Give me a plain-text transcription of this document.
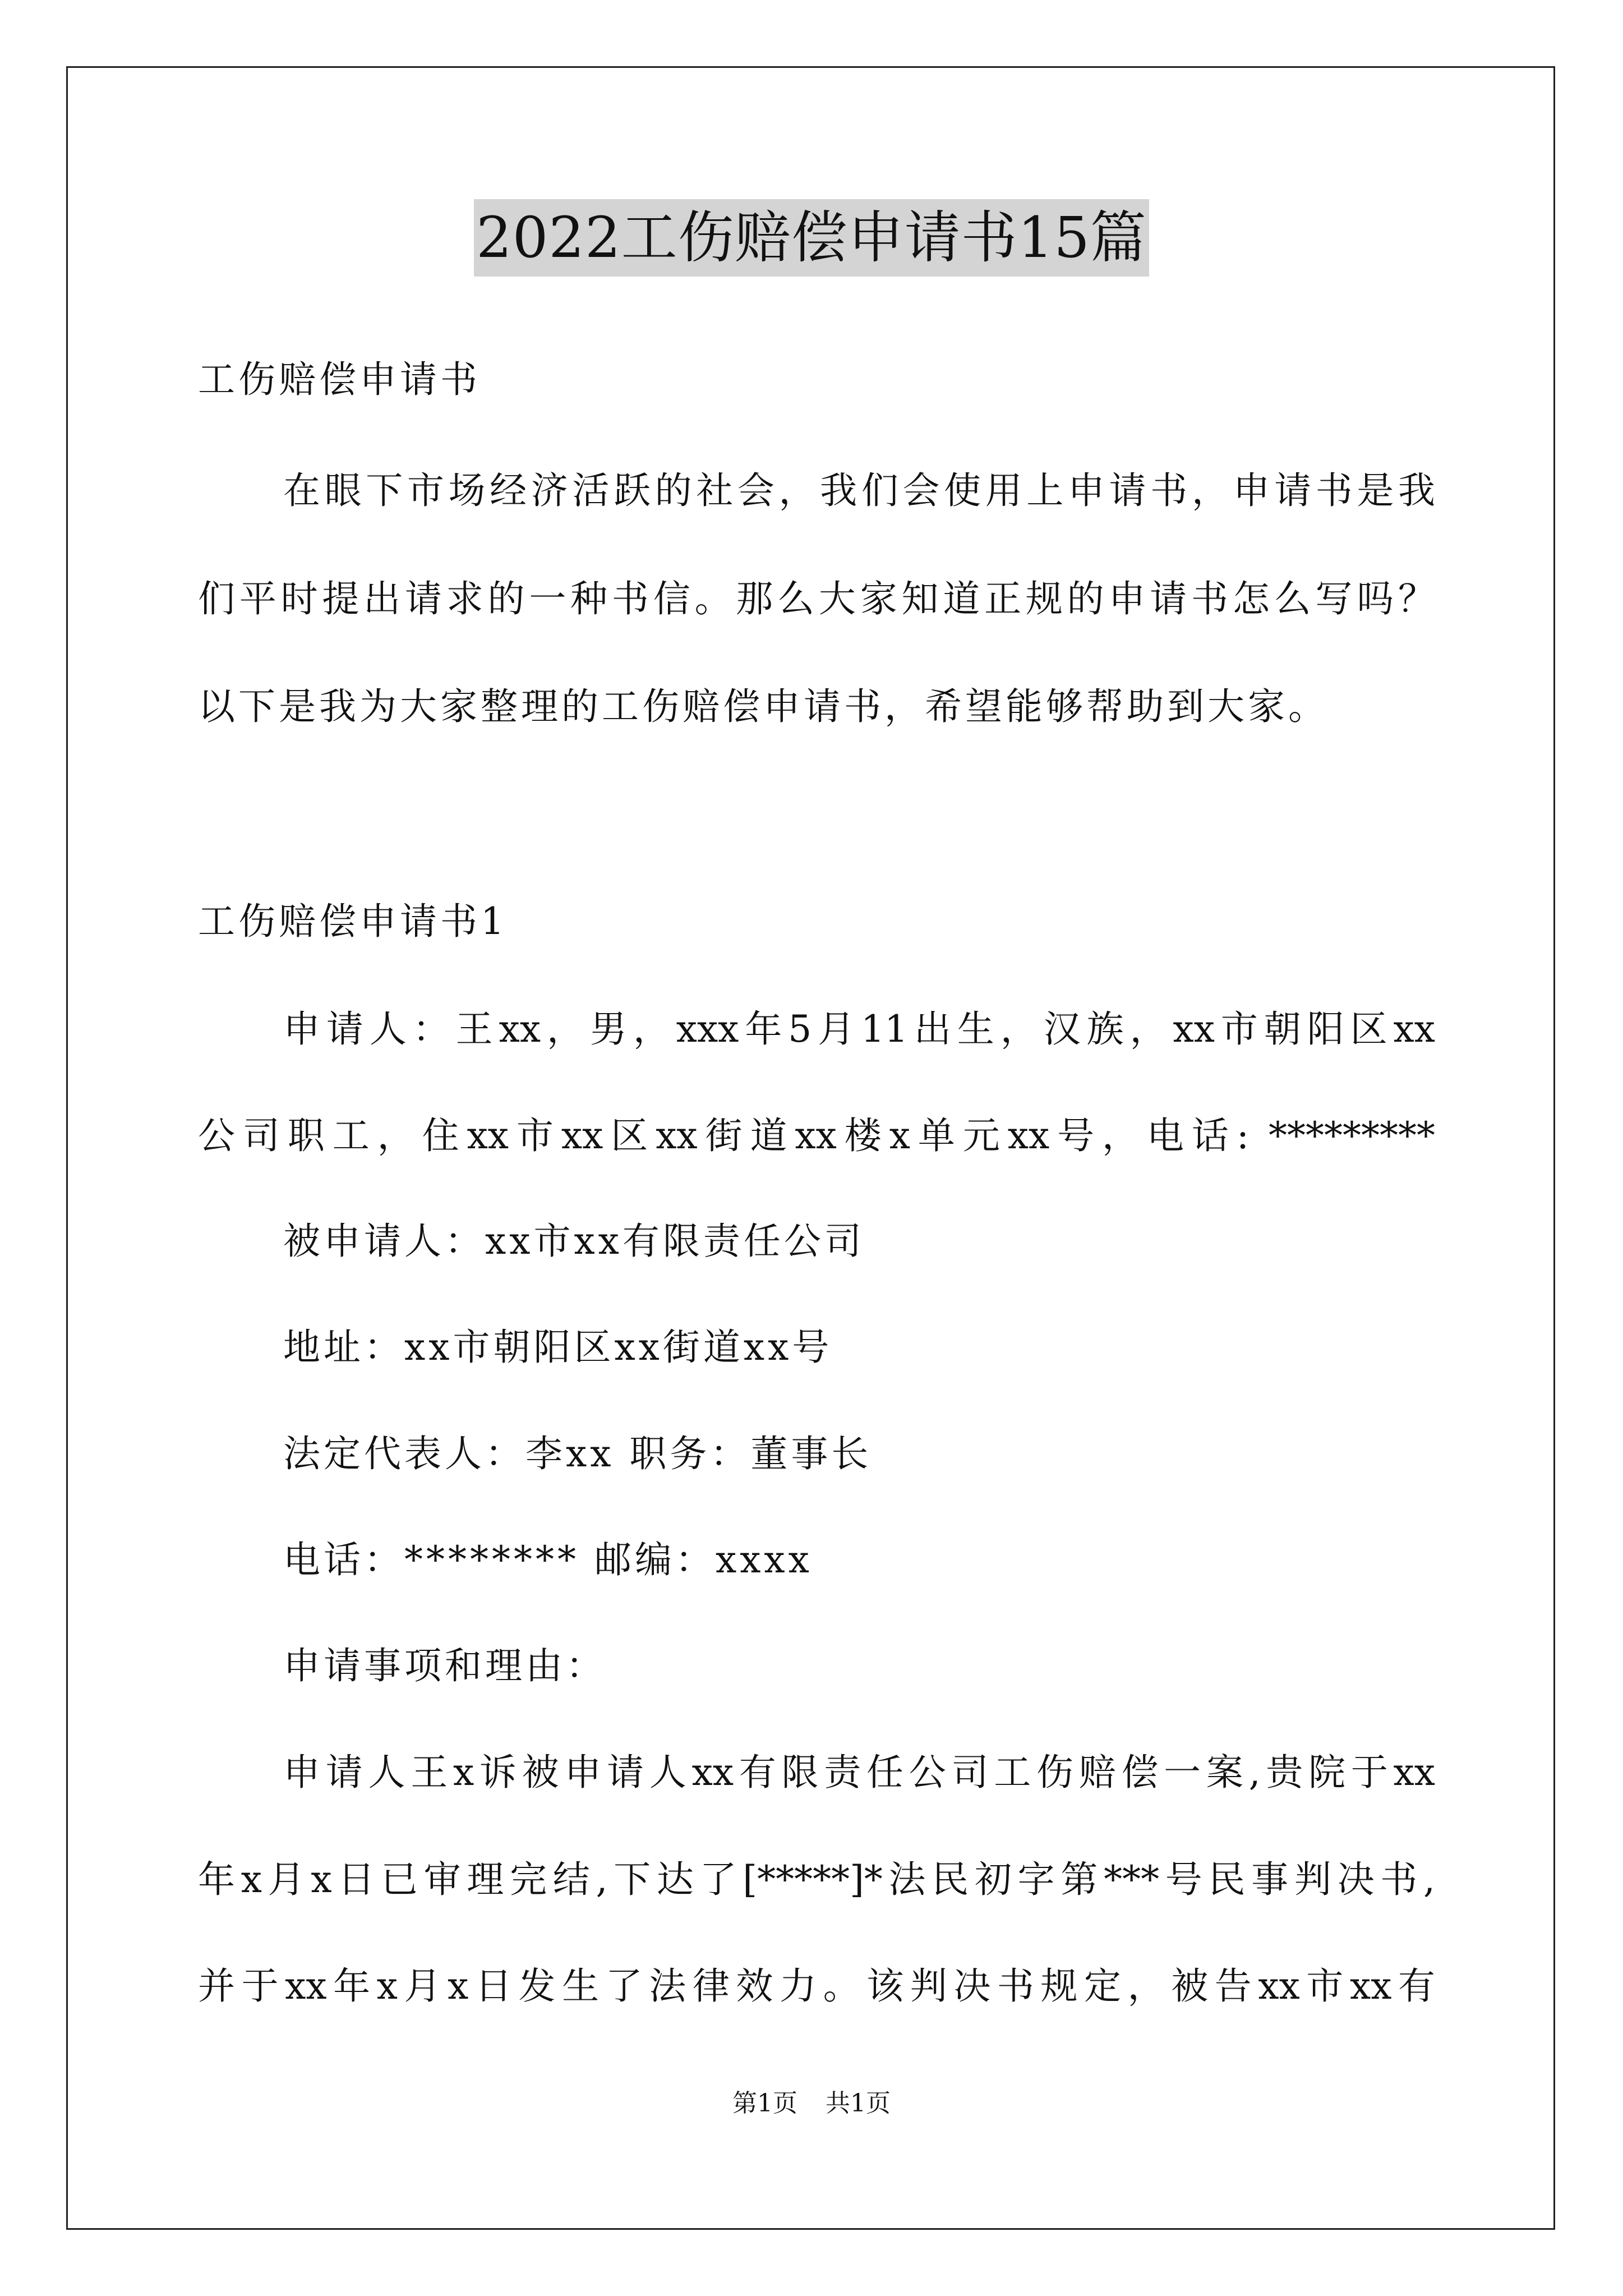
2022工伤赔偿申请书15篇
工伤赔偿申请书
在眼下市场经济活跃的社会，我们会使用上申请书，申请书是我
们平时提出请求的一种书信。那么大家知道正规的申请书怎么写吗？
以下是我为大家整理的工伤赔偿申请书，希望能够帮助到大家。
工伤赔偿申请书1
申请人：王xx，男，xxx年5月11出生，汉族，xx市朝阳区xx
公司职工，住xx市xx区xx街道xx楼x单元xx号，电话: *********
被申请人：xx市xx有限责任公司
地址：xx市朝阳区xx街道xx号
法定代表人：李xx 职务：董事长
电话：******** 邮编：xxxx
申请事项和理由：
申请人王x诉被申请人xx有限责任公司工伤赔偿一案,贵院于xx
年x月x日已审理完结,下达了[*****]*法民初字第***号民事判决书,
并于xx年x月x日发生了法律效力。该判决书规定，被告xx市xx有
第1页 共1页
